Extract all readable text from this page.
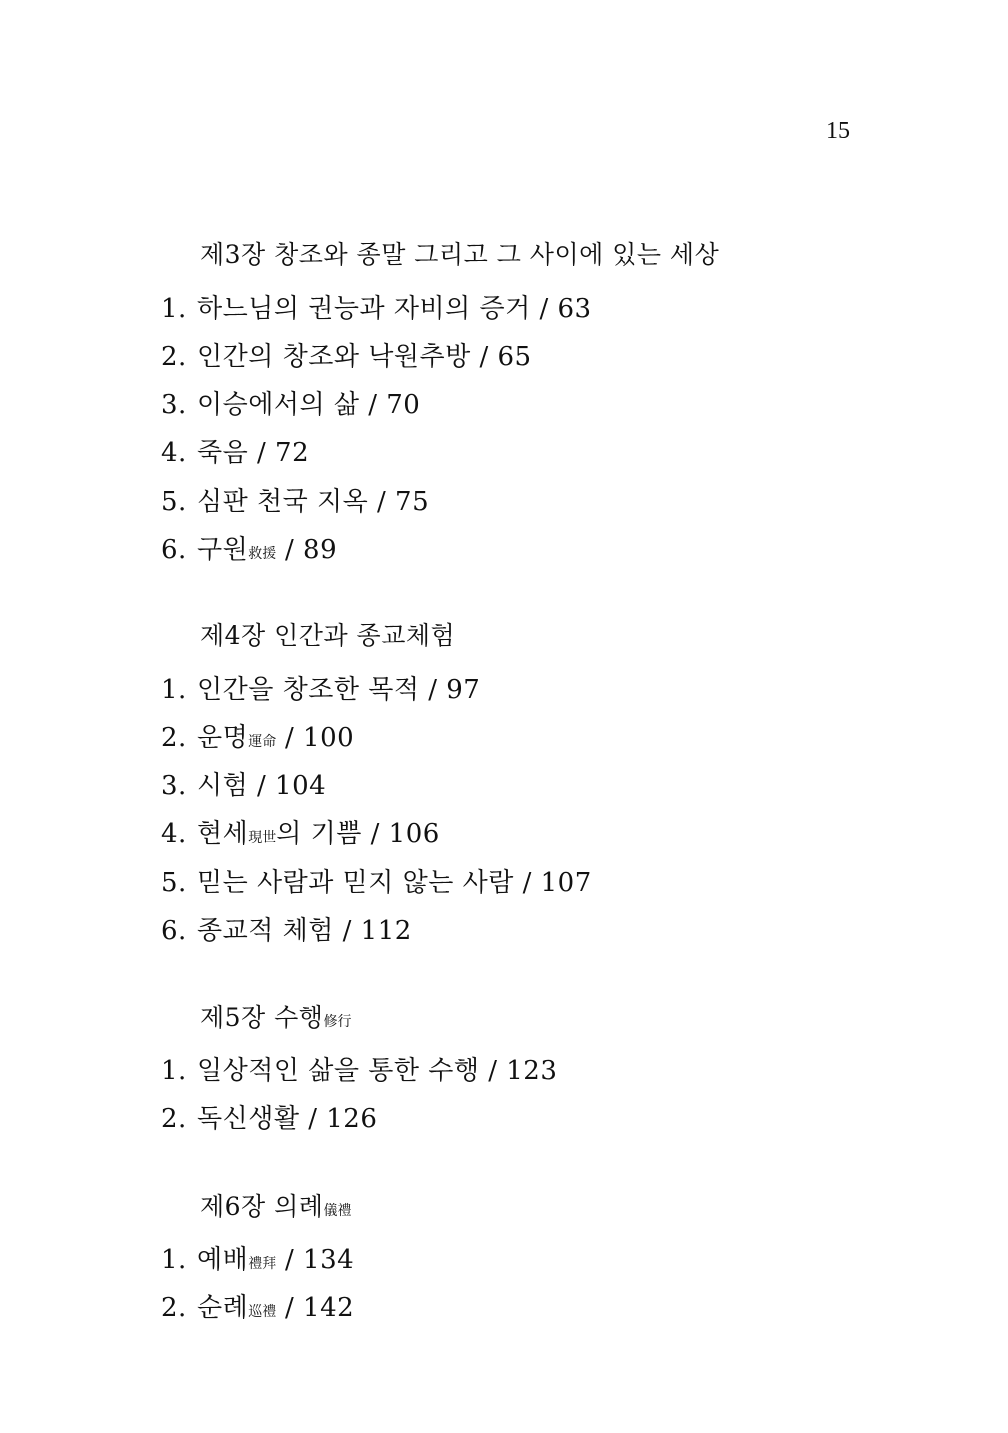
15
제3장 창조와 종말 그리고 그 사이에 있는 세상
1. 하느님의 권능과 자비의 증거 / 63
2. 인간의 창조와 낙원추방 / 65
3. 이승에서의 삶 / 70
4. 죽음 / 72
5. 심판 천국 지옥 / 75
6. 구원救援 / 89
제4장 인간과 종교체험
1. 인간을 창조한 목적 / 97
2. 운명運命 / 100
3. 시험 / 104
4. 현세現世의 기쁨 / 106
5. 믿는 사람과 믿지 않는 사람 / 107
6. 종교적 체험 / 112
제5장 수행修行
1. 일상적인 삶을 통한 수행 / 123
2. 독신생활 / 126
제6장 의례儀禮
1. 예배禮拜 / 134
2. 순례巡禮 / 142
